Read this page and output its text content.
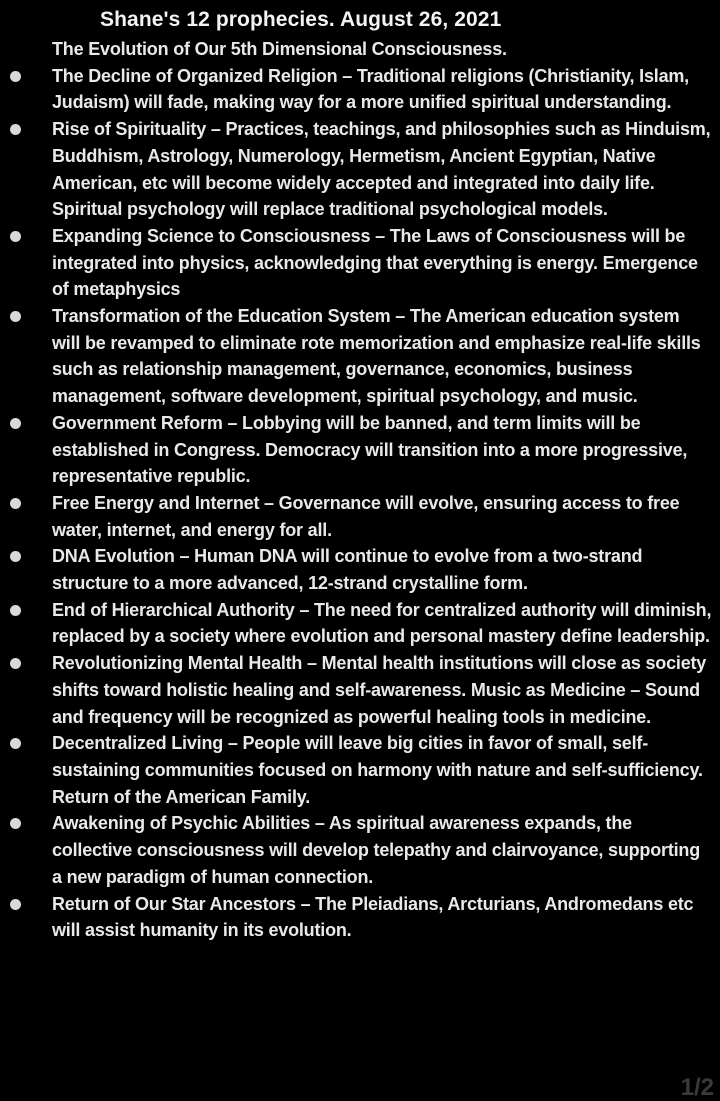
Shane's 12 prophecies. August 26, 2021
The Evolution of Our 5th Dimensional Consciousness.
The Decline of Organized Religion – Traditional religions (Christianity, Islam, Judaism) will fade, making way for a more unified spiritual understanding.
Rise of Spirituality – Practices, teachings, and philosophies such as Hinduism, Buddhism, Astrology, Numerology, Hermetism, Ancient Egyptian, Native American, etc will become widely accepted and integrated into daily life. Spiritual psychology will replace traditional psychological models.
Expanding Science to Consciousness – The Laws of Consciousness will be integrated into physics, acknowledging that everything is energy. Emergence of metaphysics
Transformation of the Education System – The American education system will be revamped to eliminate rote memorization and emphasize real-life skills such as relationship management, governance, economics, business management, software development, spiritual psychology, and music.
Government Reform – Lobbying will be banned, and term limits will be established in Congress. Democracy will transition into a more progressive, representative republic.
Free Energy and Internet – Governance will evolve, ensuring access to free water, internet, and energy for all.
DNA Evolution – Human DNA will continue to evolve from a two-strand structure to a more advanced, 12-strand crystalline form.
End of Hierarchical Authority – The need for centralized authority will diminish, replaced by a society where evolution and personal mastery define leadership.
Revolutionizing Mental Health – Mental health institutions will close as society shifts toward holistic healing and self-awareness. Music as Medicine – Sound and frequency will be recognized as powerful healing tools in medicine.
Decentralized Living – People will leave big cities in favor of small, self-sustaining communities focused on harmony with nature and self-sufficiency. Return of the American Family.
Awakening of Psychic Abilities – As spiritual awareness expands, the collective consciousness will develop telepathy and clairvoyance, supporting a new paradigm of human connection.
Return of Our Star Ancestors – The Pleiadians, Arcturians, Andromedans etc will assist humanity in its evolution.
1/2
